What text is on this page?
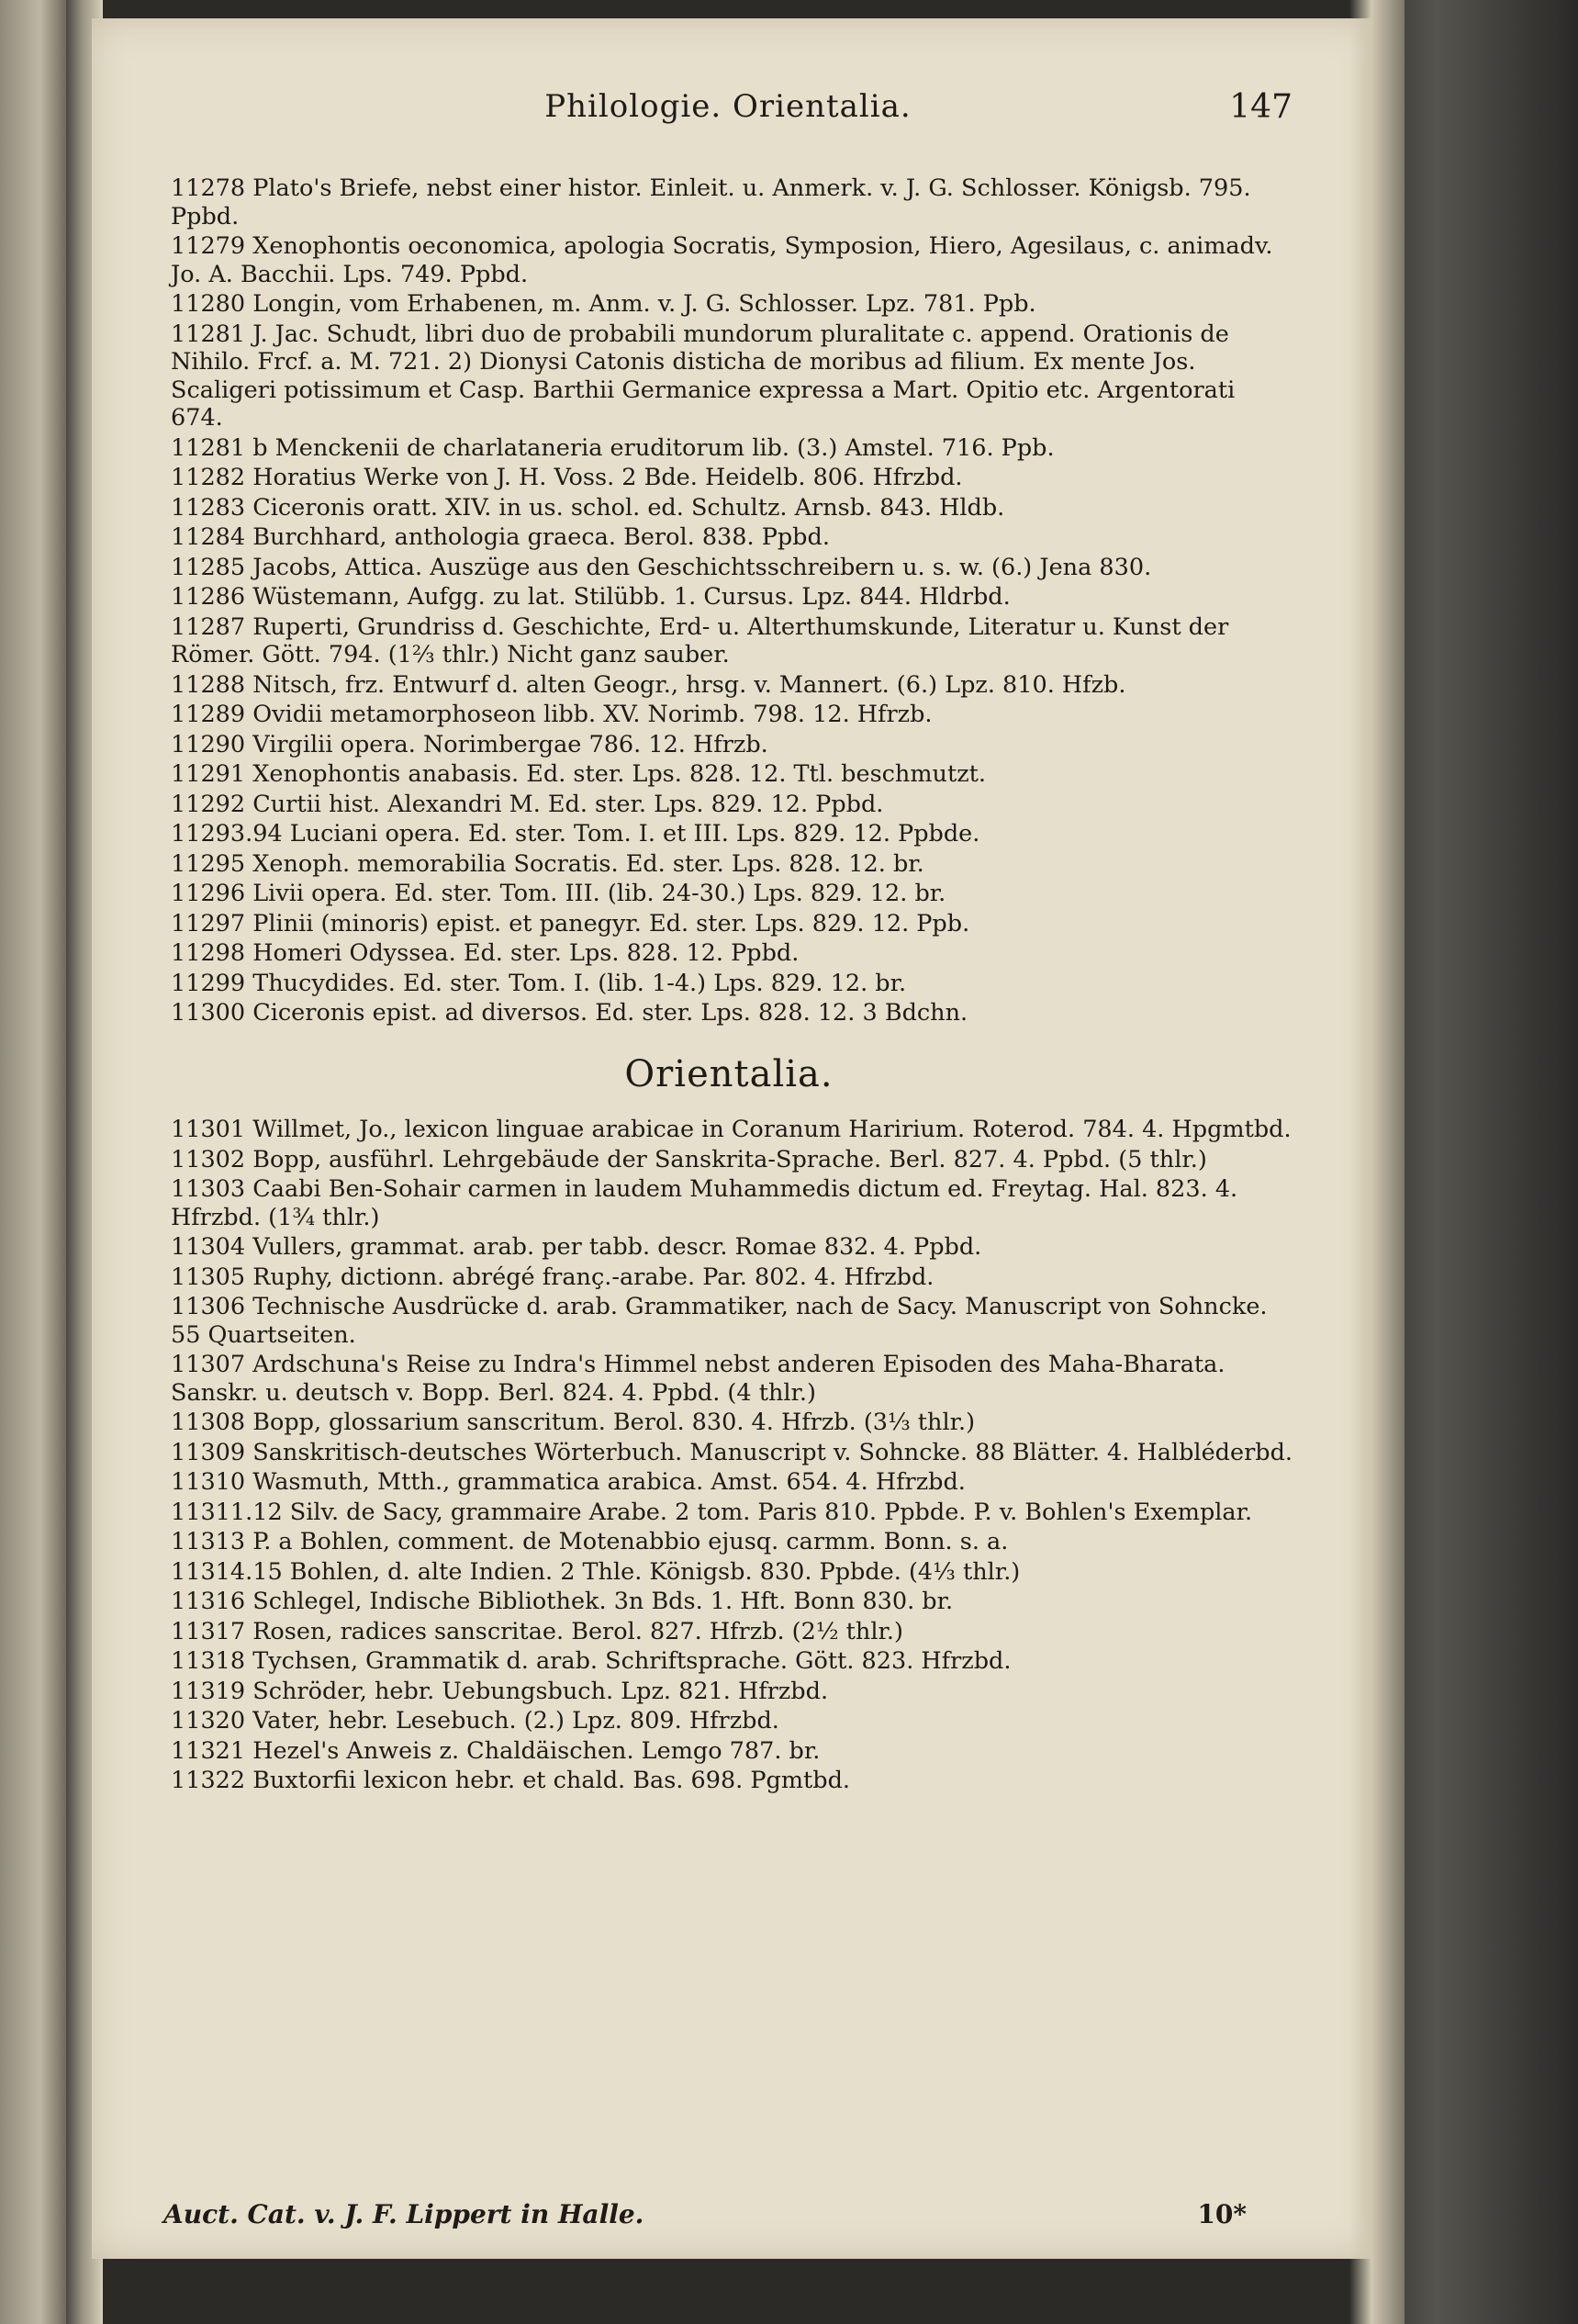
Philologie. Orientalia.	147
11278 Plato's Briefe, nebst einer histor. Einleit. u. Anmerk. v. J. G. Schlosser. Königsb. 795. Ppbd.
11279 Xenophontis oeconomica, apologia Socratis, Symposion, Hiero, Agesilaus, c. animadv. Jo. A. Bacchii. Lps. 749. Ppbd.
11280 Longin, vom Erhabenen, m. Anm. v. J. G. Schlosser. Lpz. 781. Ppb.
11281 J. Jac. Schudt, libri duo de probabili mundorum pluralitate c. append. Orationis de Nihilo. Frcf. a. M. 721. 2) Dionysi Catonis disticha de moribus ad filium. Ex mente Jos. Scaligeri potissimum et Casp. Barthii Germanice expressa a Mart. Opitio etc. Argentorati 674.
11281 b Menckenii de charlataneria eruditorum lib. (3.) Amstel. 716. Ppb.
11282 Horatius Werke von J. H. Voss. 2 Bde. Heidelb. 806. Hfrzbd.
11283 Ciceronis oratt. XIV. in us. schol. ed. Schultz. Arnsb. 843. Hldb.
11284 Burchhard, anthologia graeca. Berol. 838. Ppbd.
11285 Jacobs, Attica. Auszüge aus den Geschichtsschreibern u. s. w. (6.) Jena 830.
11286 Wüstemann, Aufgg. zu lat. Stilübb. 1. Cursus. Lpz. 844. Hldrbd.
11287 Ruperti, Grundriss d. Geschichte, Erd- u. Alterthumskunde, Literatur u. Kunst der Römer. Gött. 794. (1⅔ thlr.) Nicht ganz sauber.
11288 Nitsch, frz. Entwurf d. alten Geogr., hrsg. v. Mannert. (6.) Lpz. 810. Hfzb.
11289 Ovidii metamorphoseon libb. XV. Norimb. 798. 12. Hfrzb.
11290 Virgilii opera. Norimbergae 786. 12. Hfrzb.
11291 Xenophontis anabasis. Ed. ster. Lps. 828. 12. Ttl. beschmutzt.
11292 Curtii hist. Alexandri M. Ed. ster. Lps. 829. 12. Ppbd.
11293.94 Luciani opera. Ed. ster. Tom. I. et III. Lps. 829. 12. Ppbde.
11295 Xenoph. memorabilia Socratis. Ed. ster. Lps. 828. 12. br.
11296 Livii opera. Ed. ster. Tom. III. (lib. 24-30.) Lps. 829. 12. br.
11297 Plinii (minoris) epist. et panegyr. Ed. ster. Lps. 829. 12. Ppb.
11298 Homeri Odyssea. Ed. ster. Lps. 828. 12. Ppbd.
11299 Thucydides. Ed. ster. Tom. I. (lib. 1-4.) Lps. 829. 12. br.
11300 Ciceronis epist. ad diversos. Ed. ster. Lps. 828. 12. 3 Bdchn.
Orientalia.
11301 Willmet, Jo., lexicon linguae arabicae in Coranum Haririum. Roterod. 784. 4. Hpgmtbd.
11302 Bopp, ausführl. Lehrgebäude der Sanskrita-Sprache. Berl. 827. 4. Ppbd. (5 thlr.)
11303 Caabi Ben-Sohair carmen in laudem Muhammedis dictum ed. Freytag. Hal. 823. 4. Hfrzbd. (1¾ thlr.)
11304 Vullers, grammat. arab. per tabb. descr. Romae 832. 4. Ppbd.
11305 Ruphy, dictionn. abrégé franç.-arabe. Par. 802. 4. Hfrzbd.
11306 Technische Ausdrücke d. arab. Grammatiker, nach de Sacy. Manuscript von Sohncke. 55 Quartseiten.
11307 Ardschuna's Reise zu Indra's Himmel nebst anderen Episoden des Maha-Bharata. Sanskr. u. deutsch v. Bopp. Berl. 824. 4. Ppbd. (4 thlr.)
11308 Bopp, glossarium sanscritum. Berol. 830. 4. Hfrzb. (3⅓ thlr.)
11309 Sanskritisch-deutsches Wörterbuch. Manuscript v. Sohncke. 88 Blätter. 4. Halbléderbd.
11310 Wasmuth, Mtth., grammatica arabica. Amst. 654. 4. Hfrzbd.
11311.12 Silv. de Sacy, grammaire Arabe. 2 tom. Paris 810. Ppbde. P. v. Bohlen's Exemplar.
11313 P. a Bohlen, comment. de Motenabbio ejusq. carmm. Bonn. s. a.
11314.15 Bohlen, d. alte Indien. 2 Thle. Königsb. 830. Ppbde. (4⅓ thlr.)
11316 Schlegel, Indische Bibliothek. 3n Bds. 1. Hft. Bonn 830. br.
11317 Rosen, radices sanscritae. Berol. 827. Hfrzb. (2½ thlr.)
11318 Tychsen, Grammatik d. arab. Schriftsprache. Gött. 823. Hfrzbd.
11319 Schröder, hebr. Uebungsbuch. Lpz. 821. Hfrzbd.
11320 Vater, hebr. Lesebuch. (2.) Lpz. 809. Hfrzbd.
11321 Hezel's Anweis z. Chaldäischen. Lemgo 787. br.
11322 Buxtorfii lexicon hebr. et chald. Bas. 698. Pgmtbd.
Auct. Cat. v. J. F. Lippert in Halle.	10*
